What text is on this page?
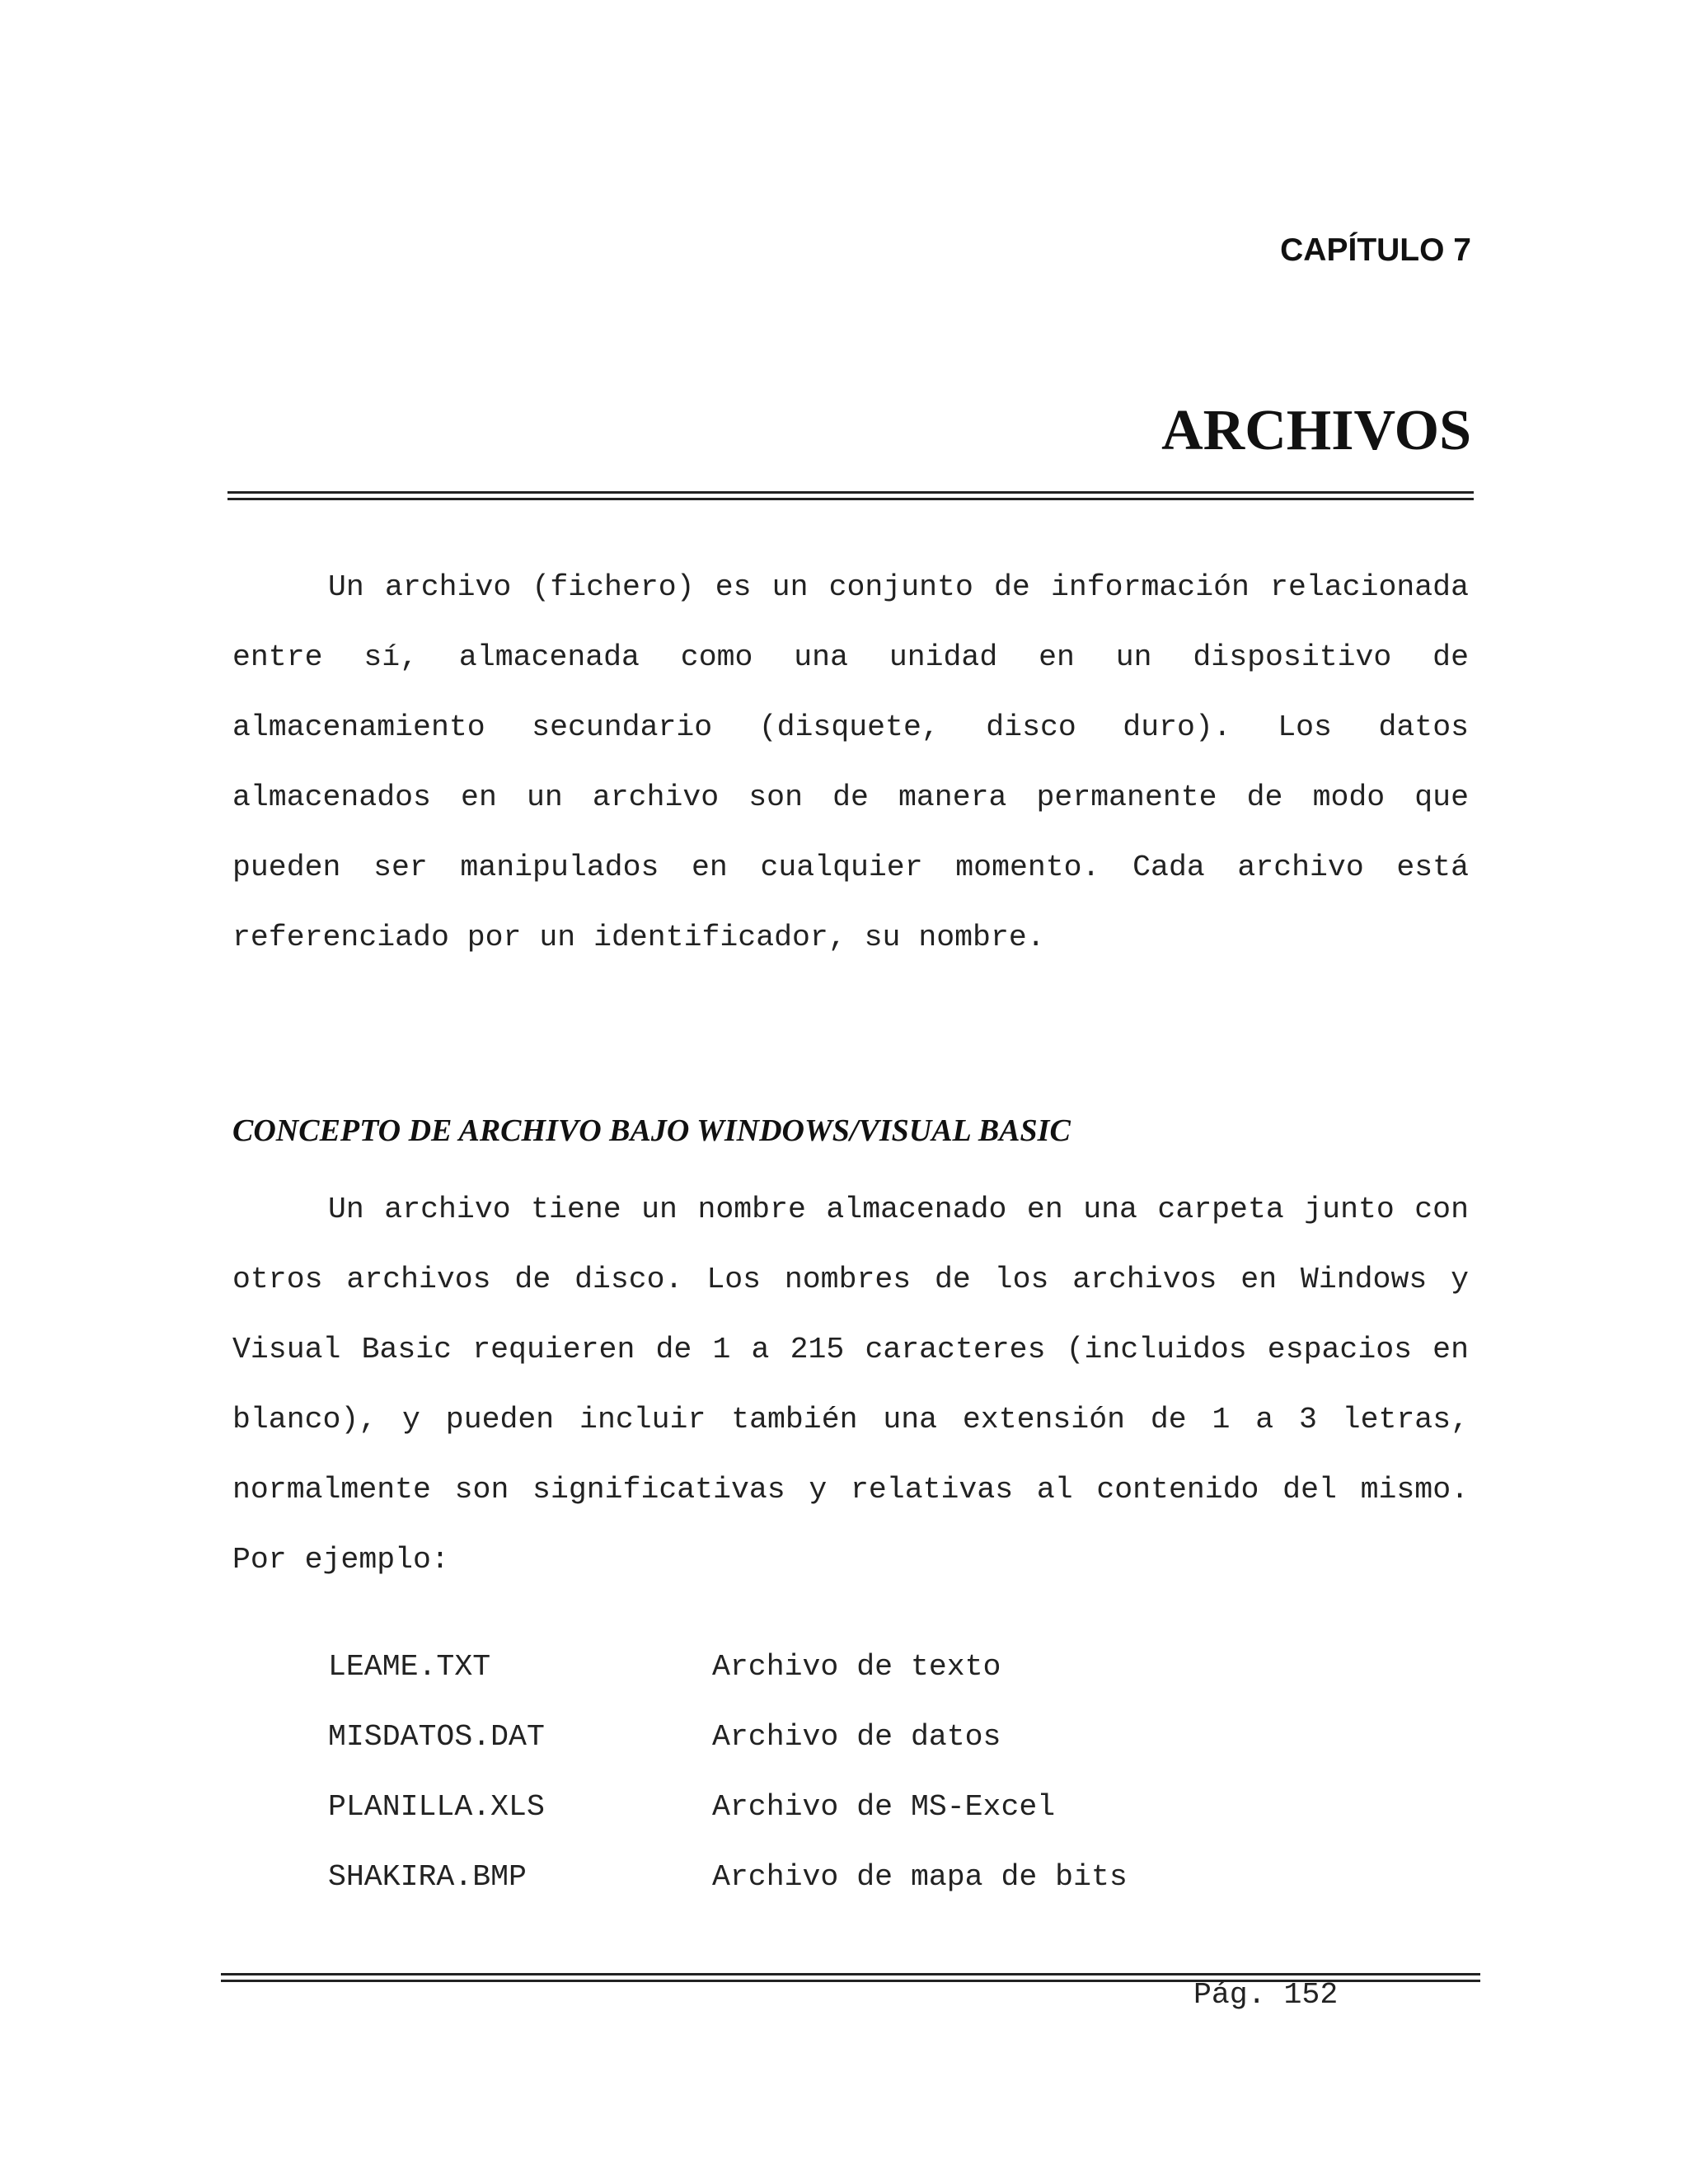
CAPÍTULO 7
ARCHIVOS

Un archivo (fichero) es un conjunto de información relacionada entre sí, almacenada como una unidad en un dispositivo de almacenamiento secundario (disquete, disco duro). Los datos almacenados en un archivo son de manera permanente de modo que pueden ser manipulados en cualquier momento. Cada archivo está referenciado por un identificador, su nombre.

CONCEPTO DE ARCHIVO BAJO WINDOWS/VISUAL BASIC

Un archivo tiene un nombre almacenado en una carpeta junto con otros archivos de disco. Los nombres de los archivos en Windows y Visual Basic requieren de 1 a 215 caracteres (incluidos espacios en blanco), y pueden incluir también una extensión de 1 a 3 letras, normalmente son significativas y relativas al contenido del mismo. Por ejemplo:

LEAME.TXT	Archivo de texto
MISDATOS.DAT	Archivo de datos
PLANILLA.XLS	Archivo de MS-Excel
SHAKIRA.BMP	Archivo de mapa de bits
Pág. 152
